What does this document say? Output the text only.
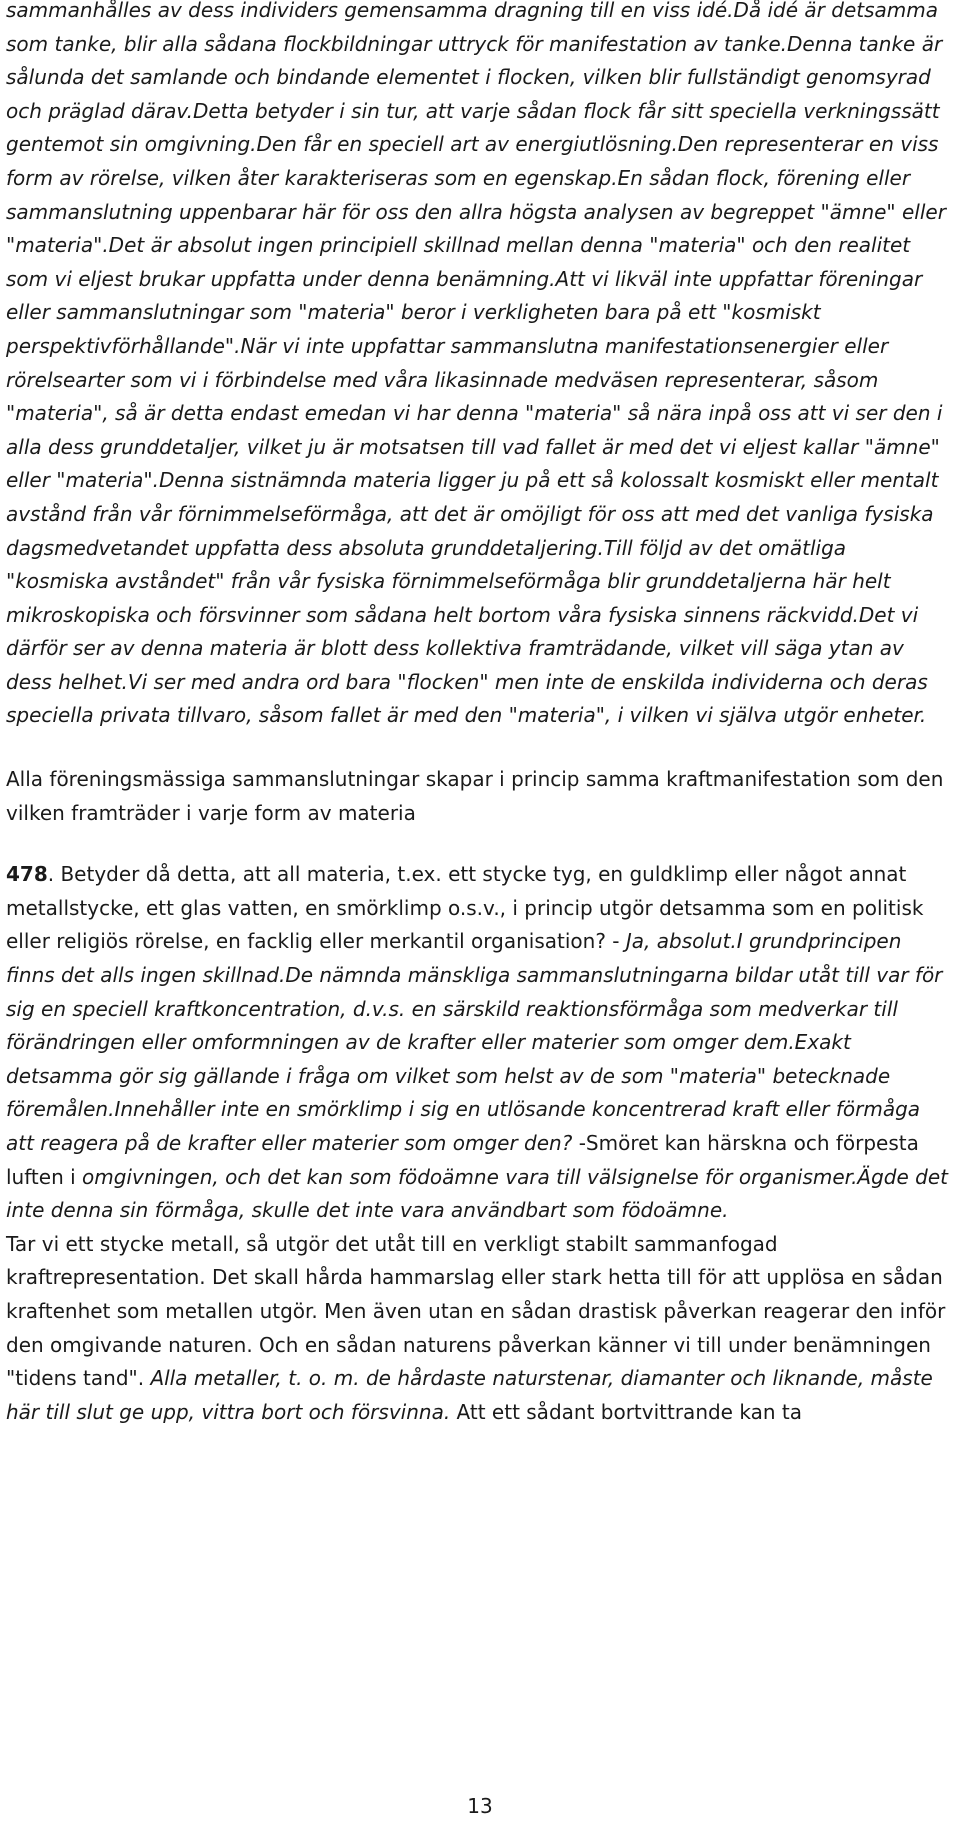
sammanhålles av dess individers gemensamma dragning till en viss idé.Då idé är detsamma som tanke, blir alla sådana flockbildningar uttryck för manifestation av tanke.Denna tanke är sålunda det samlande och bindande elementet i flocken, vilken blir fullständigt genomsyrad och präglad därav.Detta betyder i sin tur, att varje sådan flock får sitt speciella verkningssätt gentemot sin omgivning.Den får en speciell art av energiutlösning.Den representerar en viss form av rörelse, vilken åter karakteriseras som en egenskap.En sådan flock, förening eller sammanslutning uppenbarar här för oss den allra högsta analysen av begreppet "ämne" eller "materia".Det är absolut ingen principiell skillnad mellan denna "materia" och den realitet som vi eljest brukar uppfatta under denna benämning.Att vi likväl inte uppfattar föreningar eller sammanslutningar som "materia" beror i verkligheten bara på ett "kosmiskt perspektivförhållande".När vi inte uppfattar sammanslutna manifestationsenergier eller rörelsearter som vi i förbindelse med våra likasinnade medväsen representerar, såsom "materia", så är detta endast emedan vi har denna "materia" så nära inpå oss att vi ser den i alla dess grunddetaljer, vilket ju är motsatsen till vad fallet är med det vi eljest kallar "ämne" eller "materia".Denna sistnämnda materia ligger ju på ett så kolossalt kosmiskt eller mentalt avstånd från vår förnimmelseförmåga, att det är omöjligt för oss att med det vanliga fysiska dagsmedvetandet uppfatta dess absoluta grunddetaljering.Till följd av det omätliga "kosmiska avståndet" från vår fysiska förnimmelseförmåga blir grunddetaljerna här helt mikroskopiska och försvinner som sådana helt bortom våra fysiska sinnens räckvidd.Det vi därför ser av denna materia är blott dess kollektiva framträdande, vilket vill säga ytan av dess helhet.Vi ser med andra ord bara "flocken" men inte de enskilda individerna och deras speciella privata tillvaro, såsom fallet är med den "materia", i vilken vi själva utgör enheter.

Alla föreningsmässiga sammanslutningar skapar i princip samma kraftmanifestation som den vilken framträder i varje form av materia

478. Betyder då detta, att all materia, t.ex. ett stycke tyg, en guldklimp eller något annat metallstycke, ett glas vatten, en smörklimp o.s.v., i princip utgör detsamma som en politisk eller religiös rörelse, en facklig eller merkantil organisation? - Ja, absolut.I grundprincipen finns det alls ingen skillnad.De nämnda mänskliga sammanslutningarna bildar utåt till var för sig en speciell kraftkoncentration, d.v.s. en särskild reaktionsförmåga som medverkar till förändringen eller omformningen av de krafter eller materier som omger dem.Exakt detsamma gör sig gällande i fråga om vilket som helst av de som "materia" betecknade föremålen.Innehåller inte en smörklimp i sig en utlösande koncentrerad kraft eller förmåga att reagera på de krafter eller materier som omger den? -Smöret kan härskna och förpesta luften i omgivningen, och det kan som födoämne vara till välsignelse för organismer.Ägde det inte denna sin förmåga, skulle det inte vara användbart som födoämne.

Tar vi ett stycke metall, så utgör det utåt till en verkligt stabilt sammanfogad kraftrepresentation. Det skall hårda hammarslag eller stark hetta till för att upplösa en sådan kraftenhet som metallen utgör. Men även utan en sådan drastisk påverkan reagerar den inför den omgivande naturen. Och en sådan naturens påverkan känner vi till under benämningen "tidens tand". Alla metaller, t. o. m. de hårdaste naturstenar, diamanter och liknande, måste här till slut ge upp, vittra bort och försvinna. Att ett sådant bortvittrande kan ta

13
